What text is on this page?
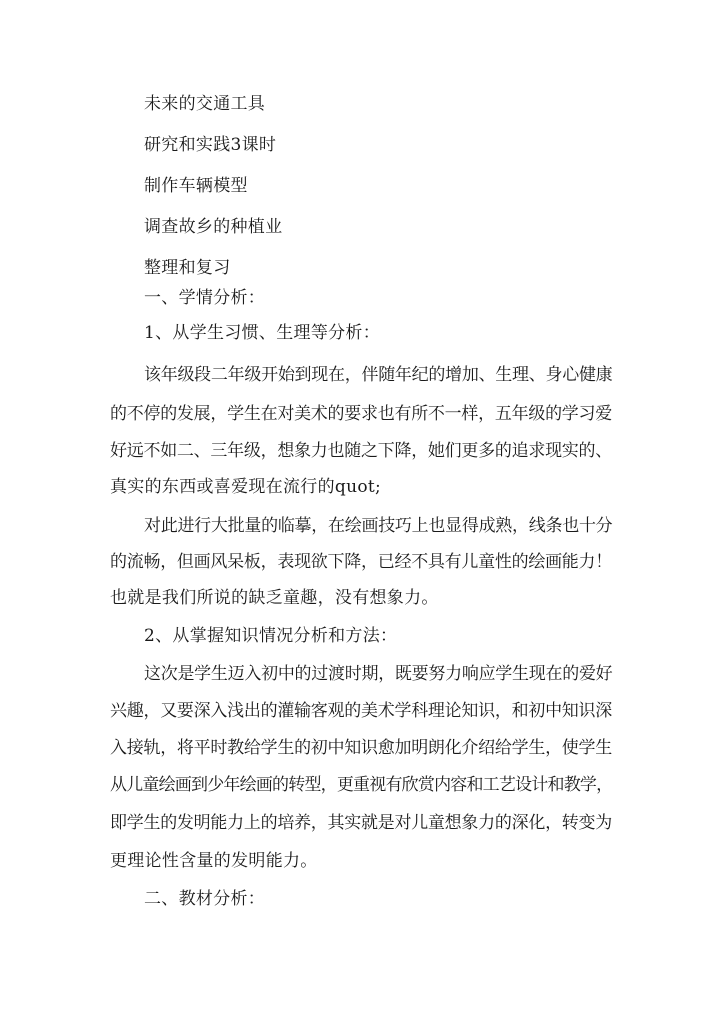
未来的交通工具
研究和实践3课时
制作车辆模型
调查故乡的种植业
整理和复习
一、学情分析：
1、从学生习惯、生理等分析：
该年级段二年级开始到现在，伴随年纪的增加、生理、身心健康
的不停的发展，学生在对美术的要求也有所不一样，五年级的学习爱
好远不如二、三年级，想象力也随之下降，她们更多的追求现实的、
真实的东西或喜爱现在流行的quot;
对此进行大批量的临摹，在绘画技巧上也显得成熟，线条也十分
的流畅，但画风呆板，表现欲下降，已经不具有儿童性的绘画能力！
也就是我们所说的缺乏童趣，没有想象力。
2、从掌握知识情况分析和方法：
这次是学生迈入初中的过渡时期，既要努力响应学生现在的爱好
兴趣，又要深入浅出的灌输客观的美术学科理论知识，和初中知识深
入接轨，将平时教给学生的初中知识愈加明朗化介绍给学生，使学生
从儿童绘画到少年绘画的转型，更重视有欣赏内容和工艺设计和教学，
即学生的发明能力上的培养，其实就是对儿童想象力的深化，转变为
更理论性含量的发明能力。
二、教材分析：
